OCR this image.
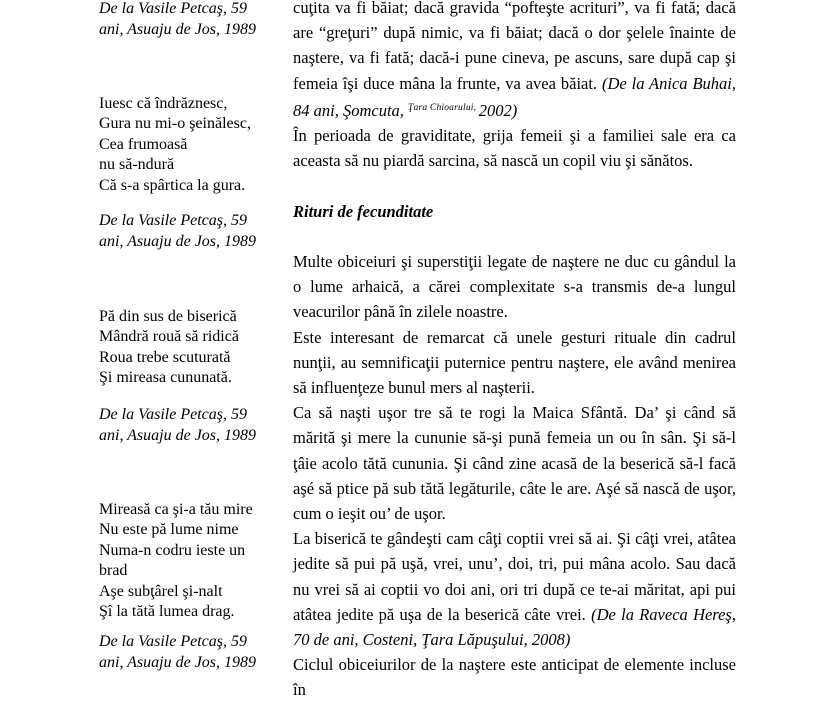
De la Vasile Petcaş, 59
ani, Asuaju de Jos, 1989
Iuesc că îndrăznesc,
Gura nu mi-o şeinălesc,
Cea frumoasă
nu să-ndură
Că s-a spârtica la gura.
De la Vasile Petcaş, 59
ani, Asuaju de Jos, 1989
Pă din sus de biserică
Mândră rouă să ridică
Roua trebe scuturată
Şi mireasa cununată.
De la Vasile Petcaş, 59
ani, Asuaju de Jos, 1989
Mireasă ca şi-a tău mire
Nu este pă lume nime
Numa-n codru ieste un
brad
Aşe subţârel şi-nalt
Şî la tătă lumea drag.
De la Vasile Petcaş, 59
ani, Asuaju de Jos, 1989
cuţita va fi băiat; dacă gravida “pofteşte acrituri”, va fi fată; dacă are “greţuri” după nimic, va fi băiat; dacă o dor şelele înainte de naştere, va fi fată; dacă-i pune cineva, pe ascuns, sare după cap şi femeia îşi duce mâna la frunte, va avea băiat. (De la Anica Buhai, 84 ani, Şomcuta, $^{Ţara Chioarului,}$ 2002)
În perioada de graviditate, grija femeii şi a familiei sale era ca aceasta să nu piardă sarcina, să nască un copil viu şi sănătos.
Rituri de fecunditate
Multe obiceiuri şi superstiţii legate de naştere ne duc cu gândul la o lume arhaică, a cărei complexitate s-a transmis de-a lungul veacurilor până în zilele noastre.
Este interesant de remarcat că unele gesturi rituale din cadrul nunţii, au semnificaţii puternice pentru naştere, ele având menirea să influenţeze bunul mers al naşterii.
Ca să naşti uşor tre să te rogi la Maica Sfântă. Da’ şi când să mărită şi mere la cununie să-şi pună femeia un ou în sân. Şi să-l ţâie acolo tătă cununia. Şi când zine acasă de la beserică să-l facă aşé să ptice pă sub tătă legăturile, câte le are. Aşé să nască de uşor, cum o ieşit ou’ de uşor.
La biserică te gândeşti cam câţi coptii vrei să ai. Şi câţi vrei, atâtea jedite să pui pă uşă, vrei, unu’, doi, tri, pui mâna acolo. Sau dacă nu vrei să ai coptii vo doi ani, ori tri după ce te-ai măritat, api pui atâtea jedite pă uşa de la beserică câte vrei. (De la Raveca Hereş, 70 de ani, Costeni, Ţara Lăpuşului, 2008)
Ciclul obiceiurilor de la naştere este anticipat de elemente incluse în
